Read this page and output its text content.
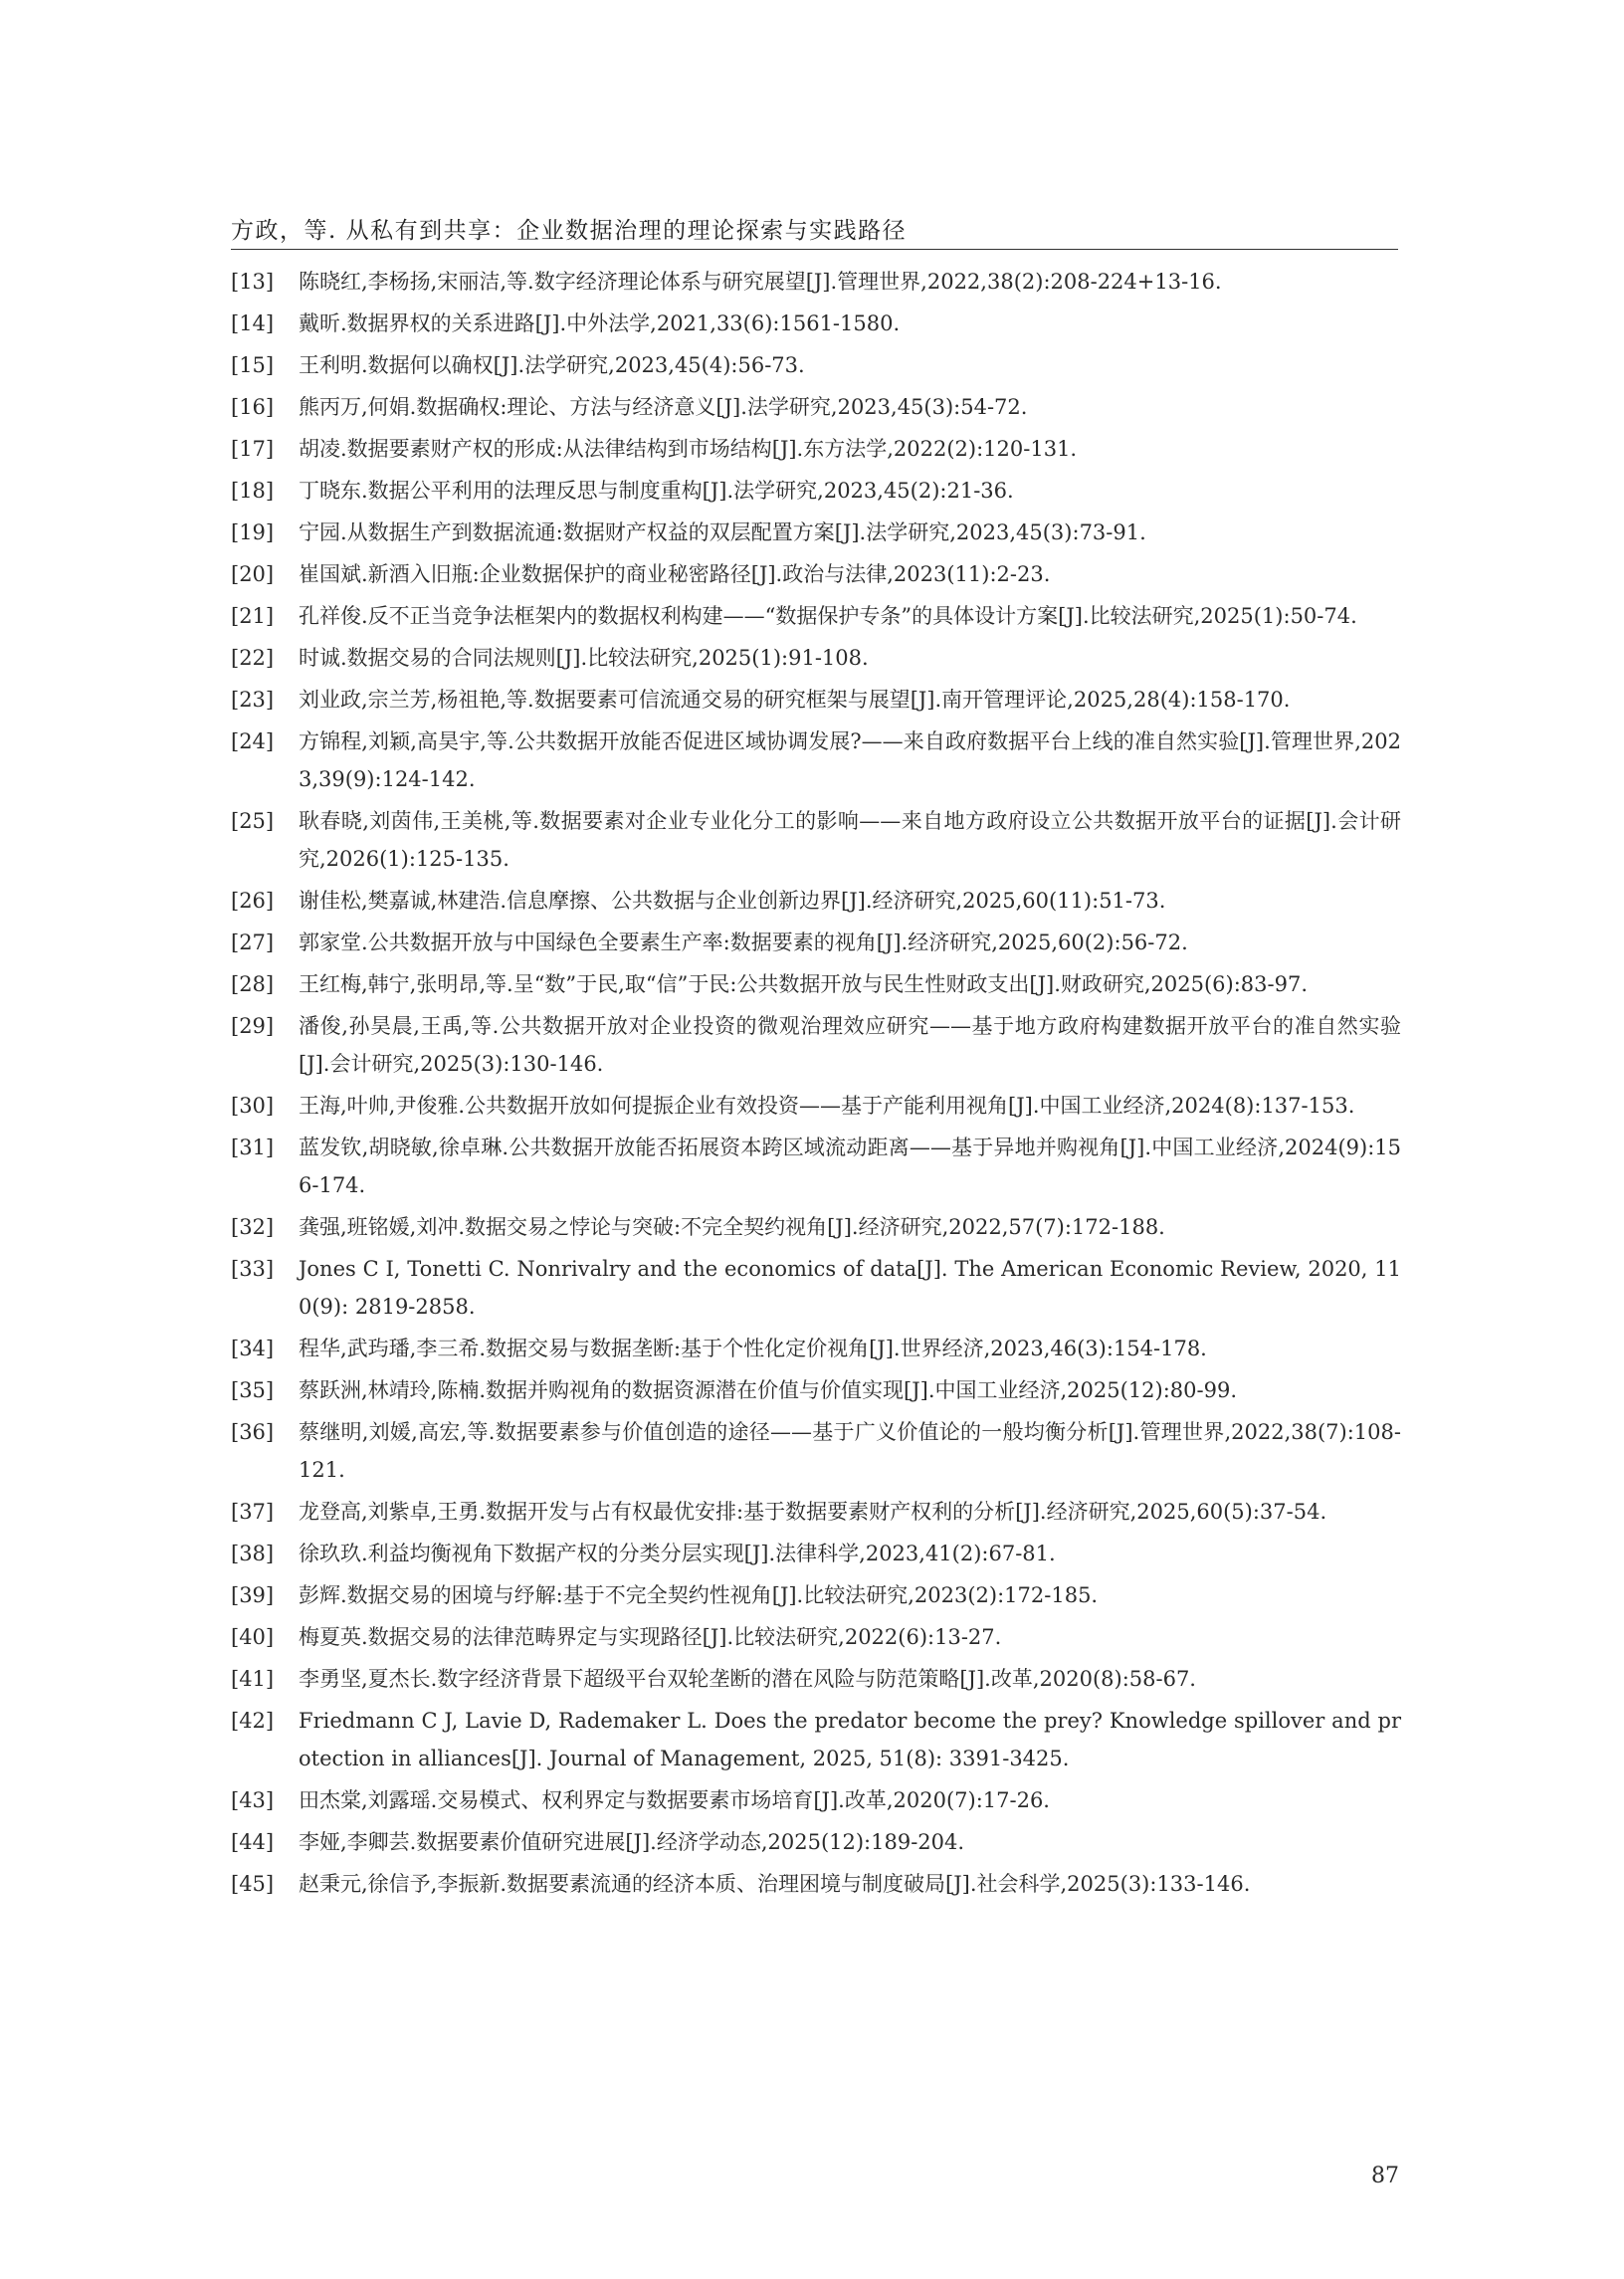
方政，等. 从私有到共享：企业数据治理的理论探索与实践路径
[13]	陈晓红,李杨扬,宋丽洁,等.数字经济理论体系与研究展望[J].管理世界,2022,38(2):208-224+13-16.
[14]	戴昕.数据界权的关系进路[J].中外法学,2021,33(6):1561-1580.
[15]	王利明.数据何以确权[J].法学研究,2023,45(4):56-73.
[16]	熊丙万,何娟.数据确权:理论、方法与经济意义[J].法学研究,2023,45(3):54-72.
[17]	胡凌.数据要素财产权的形成:从法律结构到市场结构[J].东方法学,2022(2):120-131.
[18]	丁晓东.数据公平利用的法理反思与制度重构[J].法学研究,2023,45(2):21-36.
[19]	宁园.从数据生产到数据流通:数据财产权益的双层配置方案[J].法学研究,2023,45(3):73-91.
[20]	崔国斌.新酒入旧瓶:企业数据保护的商业秘密路径[J].政治与法律,2023(11):2-23.
[21]	孔祥俊.反不正当竞争法框架内的数据权利构建——“数据保护专条”的具体设计方案[J].比较法研究,2025(1):50-74.
[22]	时诚.数据交易的合同法规则[J].比较法研究,2025(1):91-108.
[23]	刘业政,宗兰芳,杨祖艳,等.数据要素可信流通交易的研究框架与展望[J].南开管理评论,2025,28(4):158-170.
[24]	方锦程,刘颖,高昊宇,等.公共数据开放能否促进区域协调发展?——来自政府数据平台上线的准自然实验[J].管理世界,2023,39(9):124-142.
[25]	耿春晓,刘茵伟,王美桃,等.数据要素对企业专业化分工的影响——来自地方政府设立公共数据开放平台的证据[J].会计研究,2026(1):125-135.
[26]	谢佳松,樊嘉诚,林建浩.信息摩擦、公共数据与企业创新边界[J].经济研究,2025,60(11):51-73.
[27]	郭家堂.公共数据开放与中国绿色全要素生产率:数据要素的视角[J].经济研究,2025,60(2):56-72.
[28]	王红梅,韩宁,张明昂,等.呈“数”于民,取“信”于民:公共数据开放与民生性财政支出[J].财政研究,2025(6):83-97.
[29]	潘俊,孙昊晨,王禹,等.公共数据开放对企业投资的微观治理效应研究——基于地方政府构建数据开放平台的准自然实验[J].会计研究,2025(3):130-146.
[30]	王海,叶帅,尹俊雅.公共数据开放如何提振企业有效投资——基于产能利用视角[J].中国工业经济,2024(8):137-153.
[31]	蓝发钦,胡晓敏,徐卓琳.公共数据开放能否拓展资本跨区域流动距离——基于异地并购视角[J].中国工业经济,2024(9):156-174.
[32]	龚强,班铭媛,刘冲.数据交易之悖论与突破:不完全契约视角[J].经济研究,2022,57(7):172-188.
[33]	Jones C I, Tonetti C. Nonrivalry and the economics of data[J]. The American Economic Review, 2020, 110(9): 2819-2858.
[34]	程华,武玙璠,李三希.数据交易与数据垄断:基于个性化定价视角[J].世界经济,2023,46(3):154-178.
[35]	蔡跃洲,林靖玲,陈楠.数据并购视角的数据资源潜在价值与价值实现[J].中国工业经济,2025(12):80-99.
[36]	蔡继明,刘媛,高宏,等.数据要素参与价值创造的途径——基于广义价值论的一般均衡分析[J].管理世界,2022,38(7):108-121.
[37]	龙登高,刘紫卓,王勇.数据开发与占有权最优安排:基于数据要素财产权利的分析[J].经济研究,2025,60(5):37-54.
[38]	徐玖玖.利益均衡视角下数据产权的分类分层实现[J].法律科学,2023,41(2):67-81.
[39]	彭辉.数据交易的困境与纾解:基于不完全契约性视角[J].比较法研究,2023(2):172-185.
[40]	梅夏英.数据交易的法律范畴界定与实现路径[J].比较法研究,2022(6):13-27.
[41]	李勇坚,夏杰长.数字经济背景下超级平台双轮垄断的潜在风险与防范策略[J].改革,2020(8):58-67.
[42]	Friedmann C J, Lavie D, Rademaker L. Does the predator become the prey? Knowledge spillover and protection in alliances[J]. Journal of Management, 2025, 51(8): 3391-3425.
[43]	田杰棠,刘露瑶.交易模式、权利界定与数据要素市场培育[J].改革,2020(7):17-26.
[44]	李娅,李卿芸.数据要素价值研究进展[J].经济学动态,2025(12):189-204.
[45]	赵秉元,徐信予,李振新.数据要素流通的经济本质、治理困境与制度破局[J].社会科学,2025(3):133-146.
87
